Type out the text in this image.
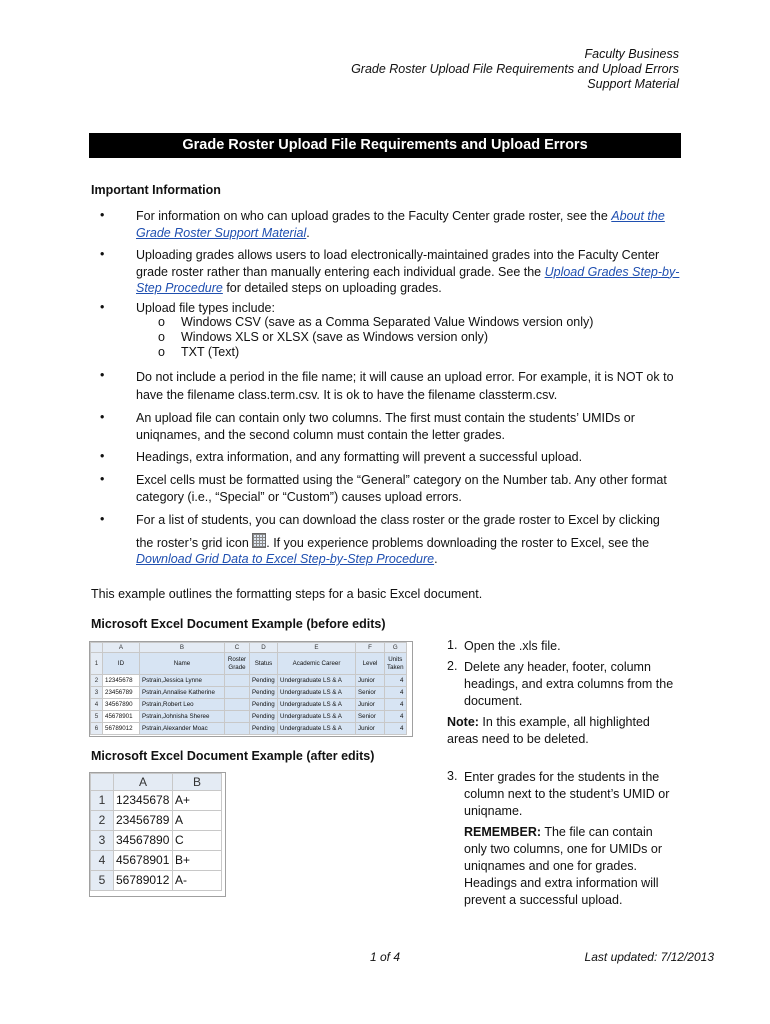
Faculty Business
Grade Roster Upload File Requirements and Upload Errors
Support Material
Grade Roster Upload File Requirements and Upload Errors
Important Information
•	For information on who can upload grades to the Faculty Center grade roster, see the About the Grade Roster Support Material.
•	Uploading grades allows users to load electronically-maintained grades into the Faculty Center grade roster rather than manually entering each individual grade. See the Upload Grades Step-by-Step Procedure for detailed steps on uploading grades.
•	Upload file types include:
o Windows CSV (save as a Comma Separated Value Windows version only)
o Windows XLS or XLSX (save as Windows version only)
o TXT (Text)
•	Do not include a period in the file name; it will cause an upload error. For example, it is NOT ok to have the filename class.term.csv. It is ok to have the filename classterm.csv.
•	An upload file can contain only two columns. The first must contain the students’ UMIDs or uniqnames, and the second column must contain the letter grades.
•	Headings, extra information, and any formatting will prevent a successful upload.
•	Excel cells must be formatted using the “General” category on the Number tab. Any other format category (i.e., “Special” or “Custom”) causes upload errors.
•	For a list of students, you can download the class roster or the grade roster to Excel by clicking
the roster’s grid icon . If you experience problems downloading the roster to Excel, see the
Download Grid Data to Excel Step-by-Step Procedure.
This example outlines the formatting steps for a basic Excel document.
Microsoft Excel Document Example (before edits)
	A	B	C	D	E	F	G
1	ID	Name	Roster Grade	Status	Academic Career	Level	Units Taken
2	12345678	Pstrain,Jessica Lynne		Pending	Undergraduate LS & A	Junior	4
3	23456789	Pstrain,Annalise Katherine		Pending	Undergraduate LS & A	Senior	4
4	34567890	Pstrain,Robert Leo		Pending	Undergraduate LS & A	Junior	4
5	45678901	Pstrain,Johnisha Sheree		Pending	Undergraduate LS & A	Senior	4
6	56789012	Pstrain,Alexander Moac		Pending	Undergraduate LS & A	Junior	4
Microsoft Excel Document Example (after edits)
	A	B
1	12345678	A+
2	23456789	A
3	34567890	C
4	45678901	B+
5	56789012	A-
1. Open the .xls file.
2. Delete any header, footer, column headings, and extra columns from the document.
Note: In this example, all highlighted areas need to be deleted.
3. Enter grades for the students in the column next to the student’s UMID or uniqname.
REMEMBER: The file can contain only two columns, one for UMIDs or uniqnames and one for grades. Headings and extra information will prevent a successful upload.
1 of 4	Last updated: 7/12/2013
